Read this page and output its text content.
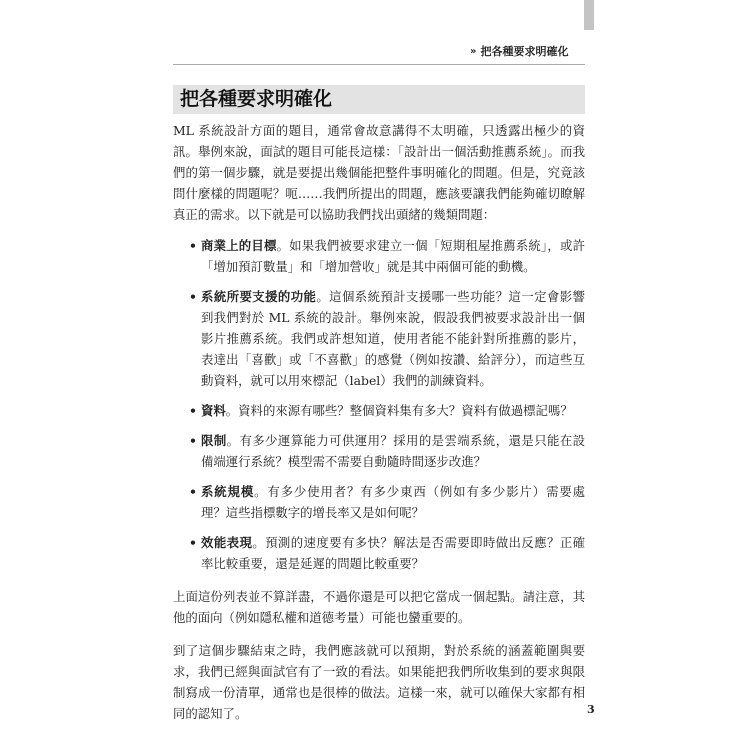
» 把各種要求明確化
把各種要求明確化

ML 系統設計方面的題目，通常會故意講得不太明確，只透露出極少的資訊。舉例來說，面試的題目可能長這樣：「設計出一個活動推薦系統」。而我們的第一個步驟，就是要提出幾個能把整件事明確化的問題。但是，究竟該問什麼樣的問題呢？呃……我們所提出的問題，應該要讓我們能夠確切瞭解真正的需求。以下就是可以協助我們找出頭緒的幾類問題：

• 商業上的目標。如果我們被要求建立一個「短期租屋推薦系統」，或許「增加預訂數量」和「增加營收」就是其中兩個可能的動機。
• 系統所要支援的功能。這個系統預計支援哪一些功能？這一定會影響到我們對於 ML 系統的設計。舉例來說，假設我們被要求設計出一個影片推薦系統。我們或許想知道，使用者能不能針對所推薦的影片，表達出「喜歡」或「不喜歡」的感覺（例如按讚、給評分），而這些互動資料，就可以用來標記（label）我們的訓練資料。
• 資料。資料的來源有哪些？整個資料集有多大？資料有做過標記嗎？
• 限制。有多少運算能力可供運用？採用的是雲端系統，還是只能在設備端運行系統？模型需不需要自動隨時間逐步改進？
• 系統規模。有多少使用者？有多少東西（例如有多少影片）需要處理？這些指標數字的增長率又是如何呢？
• 效能表現。預測的速度要有多快？解法是否需要即時做出反應？正確率比較重要，還是延遲的問題比較重要？

上面這份列表並不算詳盡，不過你還是可以把它當成一個起點。請注意，其他的面向（例如隱私權和道德考量）可能也蠻重要的。

到了這個步驟結束之時，我們應該就可以預期，對於系統的涵蓋範圍與要求，我們已經與面試官有了一致的看法。如果能把我們所收集到的要求與限制寫成一份清單，通常也是很棒的做法。這樣一來，就可以確保大家都有相同的認知了。	3
